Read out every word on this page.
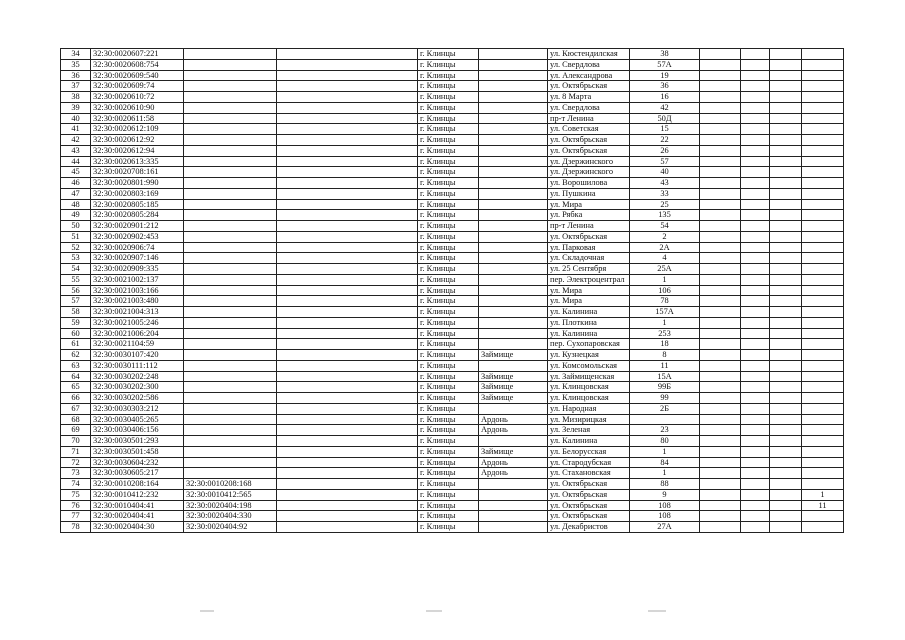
34	32:30:0020607:221			г. Клинцы		ул. Кюстендилская	38				
35	32:30:0020608:754			г. Клинцы		ул. Свердлова	57А				
36	32:30:0020609:540			г. Клинцы		ул. Александрова	19				
37	32:30:0020609:74			г. Клинцы		ул. Октябрьская	36				
38	32:30:0020610:72			г. Клинцы		ул. 8 Марта	16				
39	32:30:0020610:90			г. Клинцы		ул. Свердлова	42				
40	32:30:0020611:58			г. Клинцы		пр-т Ленина	50Д				
41	32:30:0020612:109			г. Клинцы		ул. Советская	15				
42	32:30:0020612:92			г. Клинцы		ул. Октябрьская	22				
43	32:30:0020612:94			г. Клинцы		ул. Октябрьская	26				
44	32:30:0020613:335			г. Клинцы		ул. Дзержинского	57				
45	32:30:0020708:161			г. Клинцы		ул. Дзержинского	40				
46	32:30:0020801:990			г. Клинцы		ул. Ворошилова	43				
47	32:30:0020803:169			г. Клинцы		ул. Пушкина	33				
48	32:30:0020805:185			г. Клинцы		ул. Мира	25				
49	32:30:0020805:284			г. Клинцы		ул. Рябка	135				
50	32:30:0020901:212			г. Клинцы		пр-т Ленина	54				
51	32:30:0020902:453			г. Клинцы		ул. Октябрьская	2				
52	32:30:0020906:74			г. Клинцы		ул. Парковая	2А				
53	32:30:0020907:146			г. Клинцы		ул. Складочная	4				
54	32:30:0020909:335			г. Клинцы		ул. 25 Сентября	25А				
55	32:30:0021002:137			г. Клинцы		пер. Электроцентрал	1				
56	32:30:0021003:166			г. Клинцы		ул. Мира	106				
57	32:30:0021003:480			г. Клинцы		ул. Мира	78				
58	32:30:0021004:313			г. Клинцы		ул. Калинина	157А				
59	32:30:0021005:246			г. Клинцы		ул. Плоткина	1				
60	32:30:0021006:204			г. Клинцы		ул. Калинина	253				
61	32:30:0021104:59			г. Клинцы		пер. Сухопаровская	18				
62	32:30:0030107:420			г. Клинцы	Займище	ул. Кузнецкая	8				
63	32:30:0030111:112			г. Клинцы		ул. Комсомольская	11				
64	32:30:0030202:248			г. Клинцы	Займище	ул. Займищенская	15А				
65	32:30:0030202:300			г. Клинцы	Займище	ул. Клинцовская	99Б				
66	32:30:0030202:586			г. Клинцы	Займище	ул. Клинцовская	99				
67	32:30:0030303:212			г. Клинцы		ул. Народная	2Б				
68	32:30:0030405:265			г. Клинцы	Ардонь	ул. Мизирицкая					
69	32:30:0030406:156			г. Клинцы	Ардонь	ул. Зеленая	23				
70	32:30:0030501:293			г. Клинцы		ул. Калинина	80				
71	32:30:0030501:458			г. Клинцы	Займище	ул. Белорусская	1				
72	32:30:0030604:232			г. Клинцы	Ардонь	ул. Стародубская	84				
73	32:30:0030605:217			г. Клинцы	Ардонь	ул. Стахановская	1				
74	32:30:0010208:164	32:30:0010208:168		г. Клинцы		ул. Октябрьская	88				
75	32:30:0010412:232	32:30:0010412:565		г. Клинцы		ул. Октябрьская	9				1
76	32:30:0010404:41	32:30:0020404:198		г. Клинцы		ул. Октябрьская	108				11
77	32:30:0020404:41	32:30:0020404:330		г. Клинцы		ул. Октябрьская	108				
78	32:30:0020404:30	32:30:0020404:92		г. Клинцы		ул. Декабристов	27А				
